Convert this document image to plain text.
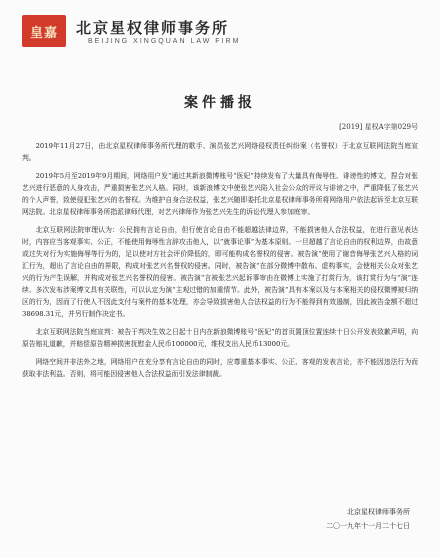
皇嘉 北京星权律师事务所
BEIJING XINGQUAN LAW FIRM
案件播报
[2019] 星权A字第029号

2019年11月27日，由北京星权律师事务所代理的歌手、演员张艺兴网络侵权责任纠纷案（名誉权）于北京互联网法院当庭宣判。

2019年5月至2019年9月期间，网络用户发“通过其新浪微博账号“医妃”持续发布了大量具有侮辱性、诽谤性的博文，捏合对张艺兴进行恶意的人身攻击，严重损害张艺兴人格。同时，该新浪博文中使张艺兴陷入社会公众的评议与诽谤之中，严重降低了张艺兴的个人声誉，致使侵犯张艺兴的名誉权。为维护自身合法权益，张艺兴随即委托北京星权律师事务所将网络用户依法起诉至北京互联网法院。北京星权律师事务所指派律师代理，对艺兴律师作为张艺兴先生的诉讼代理人参加庭审。

北京互联网法院审理认为：公民拥有言论自由，但行使言论自由不能超越法律边界，不能损害他人合法权益，在进行意见表达时，内容应当客观事实、公正，不能使用侮辱性言辞攻击他人，以“就事论事”为基本原则。一旦超越了言论自由的权利边界，由故意或过失对行为实施侮辱等行为的，足以使对方社会评价降低的，即可能构成名誉权的侵害。被告演“使用了谢音侮辱张艺兴人格的词汇行为，超出了言论自由的界限，构成对张艺兴名誉权的侵害。同时，被告演“在部分微博中散布、虚构事实，会使相关公众对张艺兴的行为产生误解，并构成对张艺兴名誉权的侵害。被告演“言被张艺兴起诉事审由在微博上实施了打赏行为，该打赏行为与“演”连续、多次发布涉案博文具有关联性，可以认定为演“主观过错的加重情节。此外，被告演“具有本案以及与本案相关的侵权微博被归纳区的行为，因而了行使人不因此支付与案件的基本处理，亦会导致损害他人合法权益的行为不能得到有效遏制，因此被告金额不超过38698.31元，并另行制作决定书。

北京互联网法院当庭宣判：被告于判决生效之日起十日内在新浪微博账号“医妃”的首页置顶位置连续十日公开发表致歉声明，向原告赔礼道歉，并赔偿原告精神损害抚慰金人民币100000元，维权支出人民币13000元。

网络空间并非法外之地，网络用户在充分享有言论自由的同时，应尊重基本事实、公正、客观的发表言论，亦不能因违法行为而获取非法利益。否则，将可能因侵害他人合法权益而引发法律制裁。

北京星权律师事务所
二〇一九年十一月二十七日
